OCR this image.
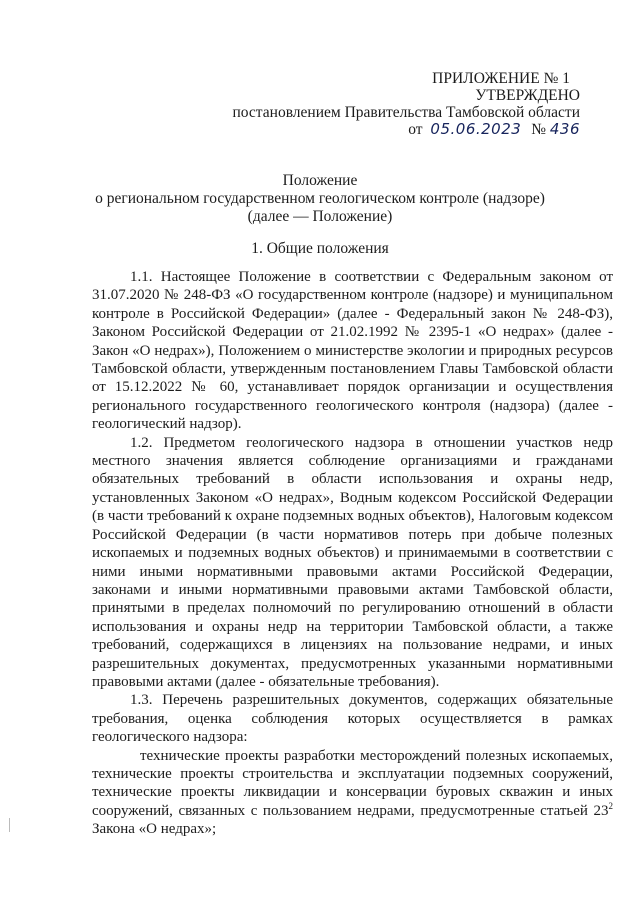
ПРИЛОЖЕНИЕ № 1
УТВЕРЖДЕНО
постановлением Правительства Тамбовской области
от 05.06.2023 № 436
Положение
о региональном государственном геологическом контроле (надзоре)
(далее — Положение)
1. Общие положения

1.1. Настоящее Положение в соответствии с Федеральным законом от 31.07.2020 № 248-ФЗ «О государственном контроле (надзоре) и муниципальном контроле в Российской Федерации» (далее - Федеральный закон № 248-ФЗ), Законом Российской Федерации от 21.02.1992 № 2395-1 «О недрах» (далее - Закон «О недрах»), Положением о министерстве экологии и природных ресурсов Тамбовской области, утвержденным постановлением Главы Тамбовской области от 15.12.2022 № 60, устанавливает порядок организации и осуществления регионального государственного геологического контроля (надзора) (далее - геологический надзор).

1.2. Предметом геологического надзора в отношении участков недр местного значения является соблюдение организациями и гражданами обязательных требований в области использования и охраны недр, установленных Законом «О недрах», Водным кодексом Российской Федерации (в части требований к охране подземных водных объектов), Налоговым кодексом Российской Федерации (в части нормативов потерь при добыче полезных ископаемых и подземных водных объектов) и принимаемыми в соответствии с ними иными нормативными правовыми актами Российской Федерации, законами и иными нормативными правовыми актами Тамбовской области, принятыми в пределах полномочий по регулированию отношений в области использования и охраны недр на территории Тамбовской области, а также требований, содержащихся в лицензиях на пользование недрами, и иных разрешительных документах, предусмотренных указанными нормативными правовыми актами (далее - обязательные требования).

1.3. Перечень разрешительных документов, содержащих обязательные требования, оценка соблюдения которых осуществляется в рамках геологического надзора:

технические проекты разработки месторождений полезных ископаемых, технические проекты строительства и эксплуатации подземных сооружений, технические проекты ликвидации и консервации буровых скважин и иных сооружений, связанных с пользованием недрами, предусмотренные статьей $23^2$ Закона «О недрах»;
